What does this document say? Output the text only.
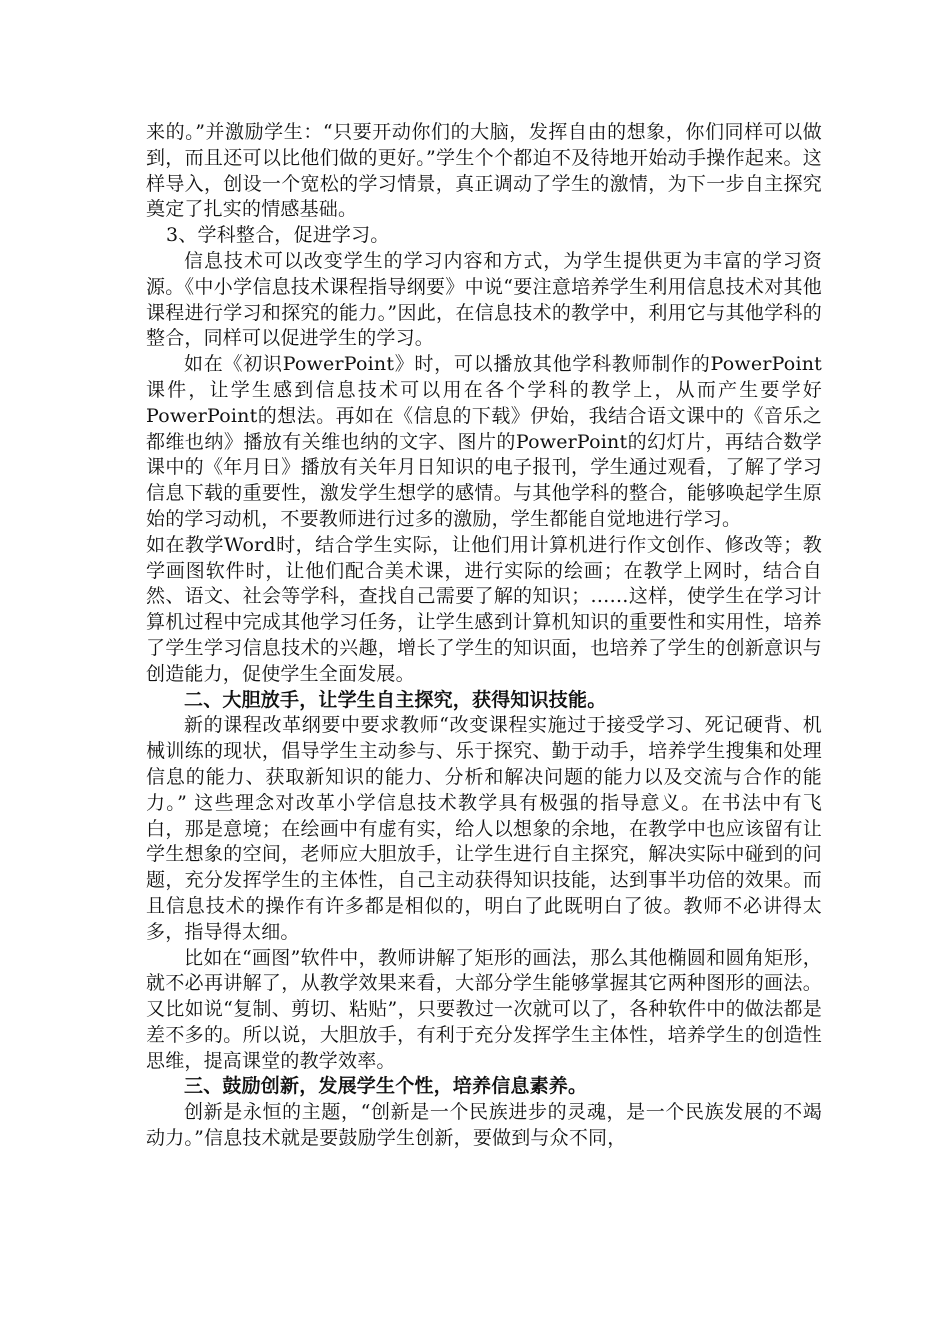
来的。”并激励学生：“只要开动你们的大脑，发挥自由的想象，你们同样可以做到，而且还可以比他们做的更好。”学生个个都迫不及待地开始动手操作起来。这样导入，创设一个宽松的学习情景，真正调动了学生的激情，为下一步自主探究奠定了扎实的情感基础。

3、学科整合，促进学习。

信息技术可以改变学生的学习内容和方式，为学生提供更为丰富的学习资源。《中小学信息技术课程指导纲要》中说“要注意培养学生利用信息技术对其他课程进行学习和探究的能力。”因此，在信息技术的教学中，利用它与其他学科的整合，同样可以促进学生的学习。

如在《初识PowerPoint》时，可以播放其他学科教师制作的PowerPoint课件，让学生感到信息技术可以用在各个学科的教学上，从而产生要学好PowerPoint的想法。再如在《信息的下载》伊始，我结合语文课中的《音乐之都维也纳》播放有关维也纳的文字、图片的PowerPoint的幻灯片，再结合数学课中的《年月日》播放有关年月日知识的电子报刊，学生通过观看，了解了学习信息下载的重要性，激发学生想学的感情。与其他学科的整合，能够唤起学生原始的学习动机，不要教师进行过多的激励，学生都能自觉地进行学习。

如在教学Word时，结合学生实际，让他们用计算机进行作文创作、修改等；教学画图软件时，让他们配合美术课，进行实际的绘画；在教学上网时，结合自然、语文、社会等学科，查找自己需要了解的知识；……这样，使学生在学习计算机过程中完成其他学习任务，让学生感到计算机知识的重要性和实用性，培养了学生学习信息技术的兴趣，增长了学生的知识面，也培养了学生的创新意识与创造能力，促使学生全面发展。

二、大胆放手，让学生自主探究，获得知识技能。

新的课程改革纲要中要求教师“改变课程实施过于接受学习、死记硬背、机械训练的现状，倡导学生主动参与、乐于探究、勤于动手，培养学生搜集和处理信息的能力、获取新知识的能力、分析和解决问题的能力以及交流与合作的能力。” 这些理念对改革小学信息技术教学具有极强的指导意义。在书法中有飞白，那是意境；在绘画中有虚有实，给人以想象的余地，在教学中也应该留有让学生想象的空间，老师应大胆放手，让学生进行自主探究，解决实际中碰到的问题，充分发挥学生的主体性，自己主动获得知识技能，达到事半功倍的效果。而且信息技术的操作有许多都是相似的，明白了此既明白了彼。教师不必讲得太多，指导得太细。

比如在“画图”软件中，教师讲解了矩形的画法，那么其他椭圆和圆角矩形，就不必再讲解了，从教学效果来看，大部分学生能够掌握其它两种图形的画法。又比如说“复制、剪切、粘贴”，只要教过一次就可以了，各种软件中的做法都是差不多的。所以说，大胆放手，有利于充分发挥学生主体性，培养学生的创造性思维，提高课堂的教学效率。

三、鼓励创新，发展学生个性，培养信息素养。

创新是永恒的主题，“创新是一个民族进步的灵魂，是一个民族发展的不竭动力。”信息技术就是要鼓励学生创新，要做到与众不同，
